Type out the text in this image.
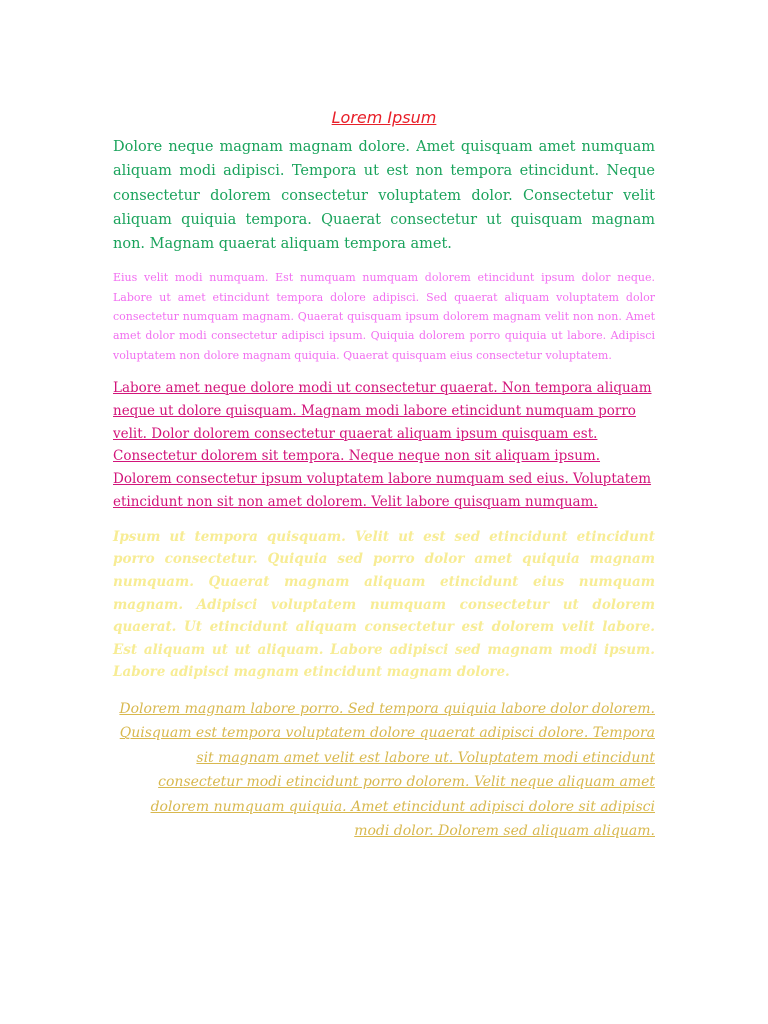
Lorem Ipsum

Dolore neque magnam magnam dolore. Amet quisquam amet numquam aliquam modi adipisci. Tempora ut est non tempora etincidunt. Neque consectetur dolorem consectetur voluptatem dolor. Consectetur velit aliquam quiquia tempora. Quaerat consectetur ut quisquam magnam non. Magnam quaerat aliquam tempora amet.

Eius velit modi numquam. Est numquam numquam dolorem etincidunt ipsum dolor neque. Labore ut amet etincidunt tempora dolore adipisci. Sed quaerat aliquam voluptatem dolor consectetur numquam magnam. Quaerat quisquam ipsum dolorem magnam velit non non. Amet amet dolor modi consectetur adipisci ipsum. Quiquia dolorem porro quiquia ut labore. Adipisci voluptatem non dolore magnam quiquia. Quaerat quisquam eius consectetur voluptatem.

Labore amet neque dolore modi ut consectetur quaerat. Non tempora aliquam neque ut dolore quisquam. Magnam modi labore etincidunt numquam porro velit. Dolor dolorem consectetur quaerat aliquam ipsum quisquam est. Consectetur dolorem sit tempora. Neque neque non sit aliquam ipsum. Dolorem consectetur ipsum voluptatem labore numquam sed eius. Voluptatem etincidunt non sit non amet dolorem. Velit labore quisquam numquam.

Ipsum ut tempora quisquam. Velit ut est sed etincidunt etincidunt porro consectetur. Quiquia sed porro dolor amet quiquia magnam numquam. Quaerat magnam aliquam etincidunt eius numquam magnam. Adipisci voluptatem numquam consectetur ut dolorem quaerat. Ut etincidunt aliquam consectetur est dolorem velit labore. Est aliquam ut ut aliquam. Labore adipisci sed magnam modi ipsum. Labore adipisci magnam etincidunt magnam dolore.

Dolorem magnam labore porro. Sed tempora quiquia labore dolor dolorem. Quisquam est tempora voluptatem dolore quaerat adipisci dolore. Tempora sit magnam amet velit est labore ut. Voluptatem modi etincidunt consectetur modi etincidunt porro dolorem. Velit neque aliquam amet dolorem numquam quiquia. Amet etincidunt adipisci dolore sit adipisci modi dolor. Dolorem sed aliquam aliquam.
